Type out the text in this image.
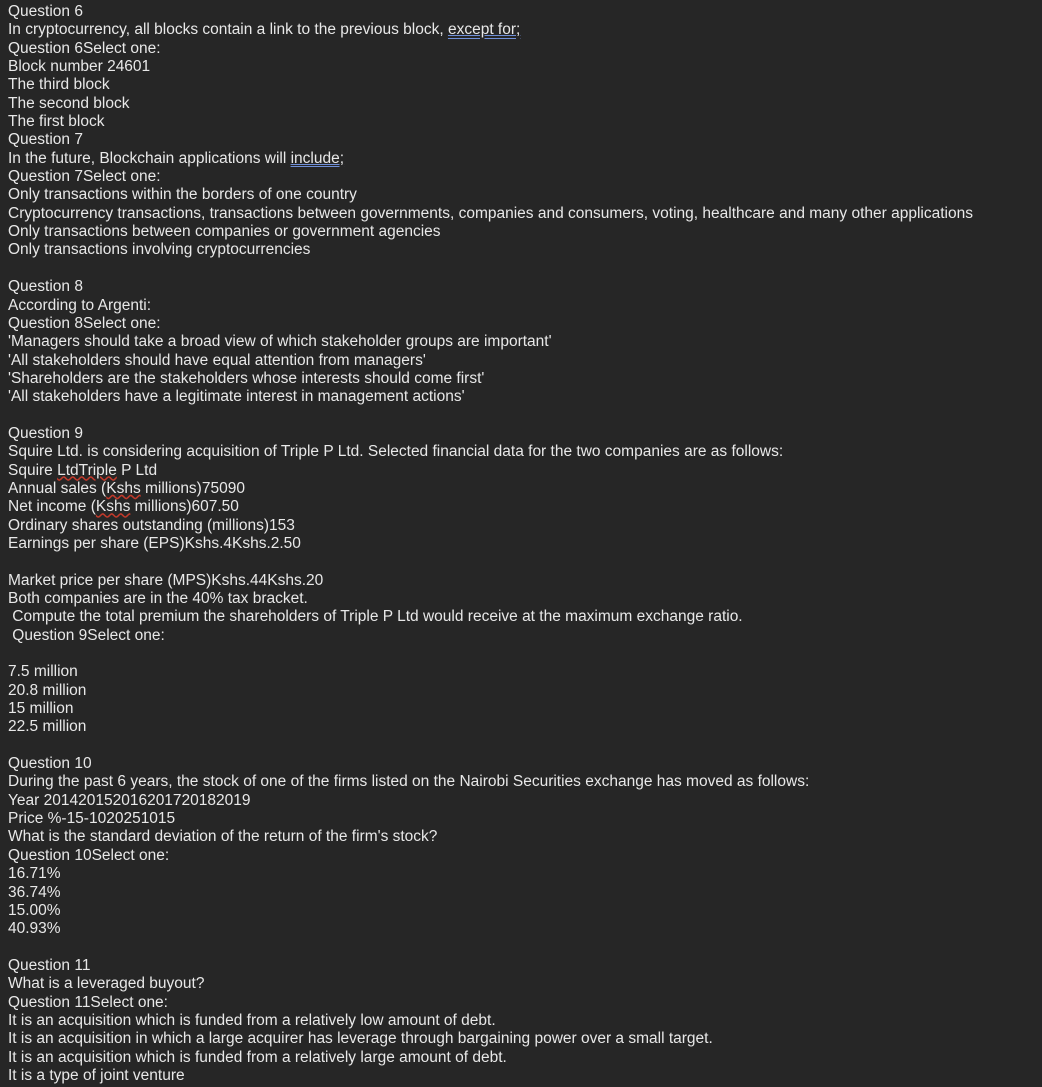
Question 6
In cryptocurrency, all blocks contain a link to the previous block, except for;
Question 6Select one:
Block number 24601
The third block
The second block
The first block
Question 7
In the future, Blockchain applications will include;
Question 7Select one:
Only transactions within the borders of one country
Cryptocurrency transactions, transactions between governments, companies and consumers, voting, healthcare and many other applications
Only transactions between companies or government agencies
Only transactions involving cryptocurrencies
Question 8
According to Argenti:
Question 8Select one:
'Managers should take a broad view of which stakeholder groups are important'
'All stakeholders should have equal attention from managers'
'Shareholders are the stakeholders whose interests should come first'
'All stakeholders have a legitimate interest in management actions'
Question 9
Squire Ltd. is considering acquisition of Triple P Ltd. Selected financial data for the two companies are as follows:
Squire LtdTriple P Ltd
Annual sales (Kshs millions)75090
Net income (Kshs millions)607.50
Ordinary shares outstanding (millions)153
Earnings per share (EPS)Kshs.4Kshs.2.50
Market price per share (MPS)Kshs.44Kshs.20
Both companies are in the 40% tax bracket.
Compute the total premium the shareholders of Triple P Ltd would receive at the maximum exchange ratio.
Question 9Select one:
7.5 million
20.8 million
15 million
22.5 million
Question 10
During the past 6 years, the stock of one of the firms listed on the Nairobi Securities exchange has moved as follows:
Year 201420152016201720182019
Price %-15-1020251015
What is the standard deviation of the return of the firm's stock?
Question 10Select one:
16.71%
36.74%
15.00%
40.93%
Question 11
What is a leveraged buyout?
Question 11Select one:
It is an acquisition which is funded from a relatively low amount of debt.
It is an acquisition in which a large acquirer has leverage through bargaining power over a small target.
It is an acquisition which is funded from a relatively large amount of debt.
It is a type of joint venture
